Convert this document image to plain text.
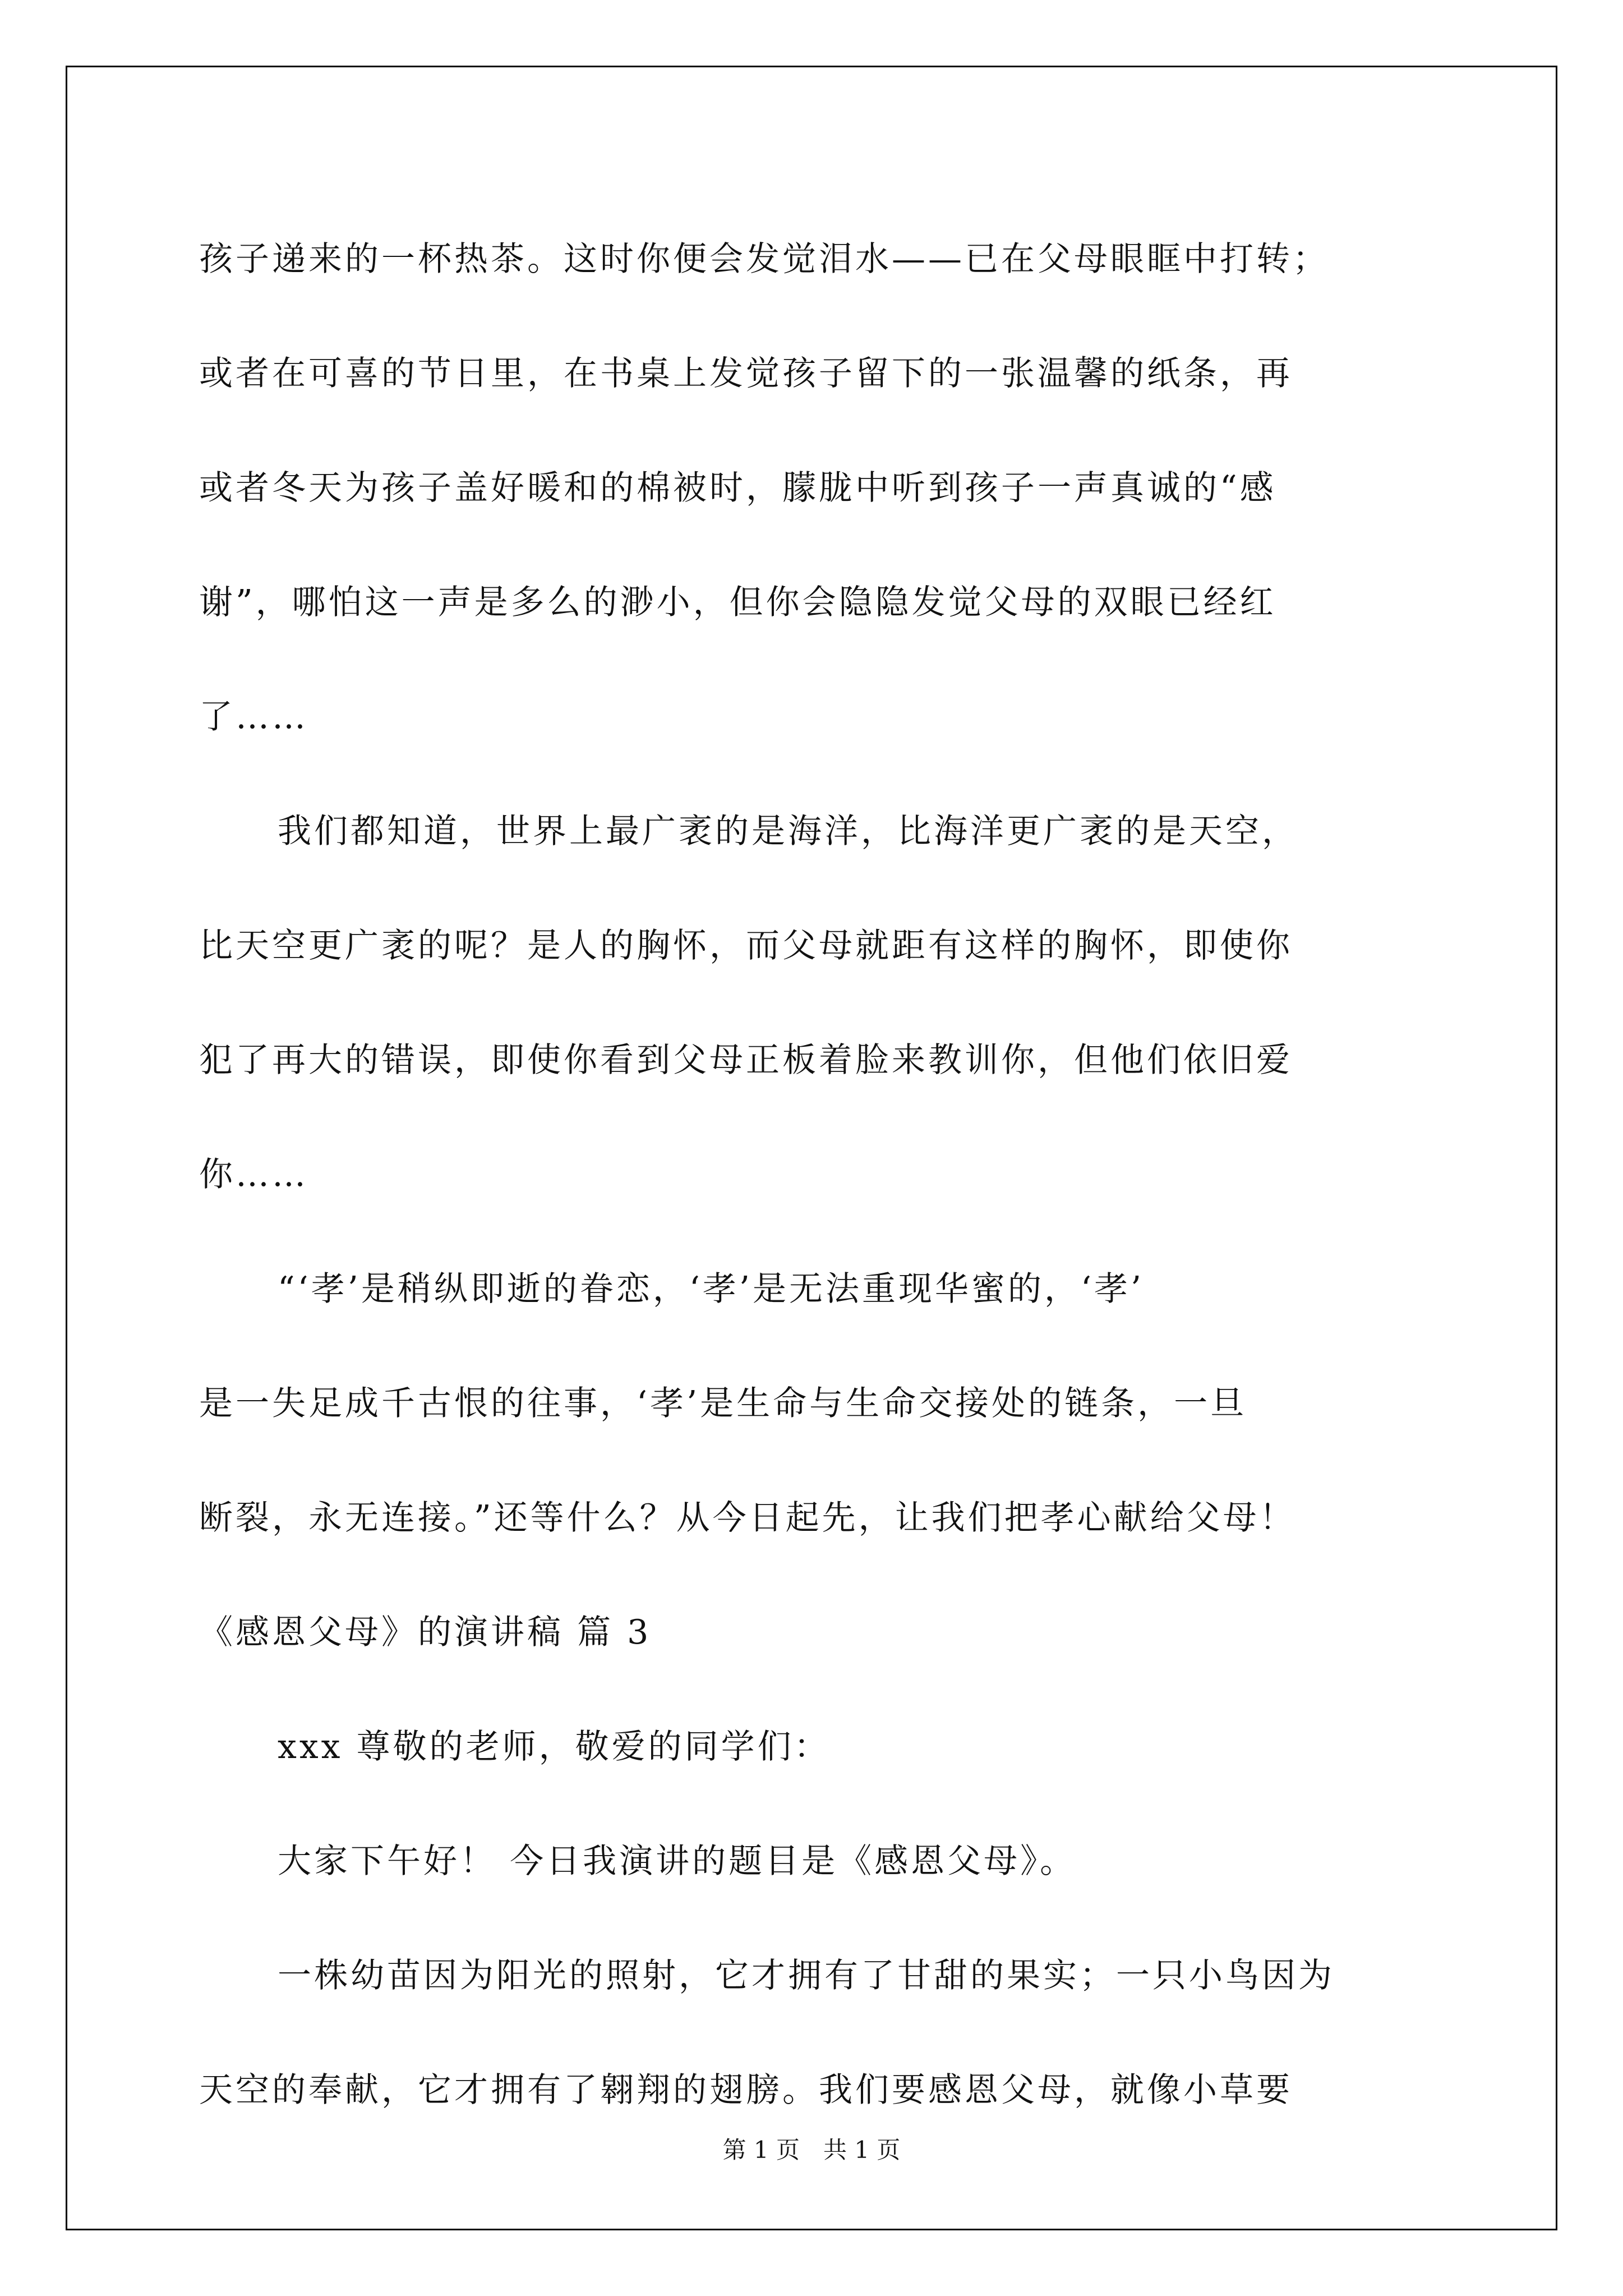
孩子递来的一杯热茶。这时你便会发觉泪水——已在父母眼眶中打转；
或者在可喜的节日里，在书桌上发觉孩子留下的一张温馨的纸条，再
或者冬天为孩子盖好暖和的棉被时，朦胧中听到孩子一声真诚的“感
谢”，哪怕这一声是多么的渺小，但你会隐隐发觉父母的双眼已经红
了……
我们都知道，世界上最广袤的是海洋，比海洋更广袤的是天空，
比天空更广袤的呢？是人的胸怀，而父母就距有这样的胸怀，即使你
犯了再大的错误，即使你看到父母正板着脸来教训你，但他们依旧爱
你……
“‘孝’是稍纵即逝的眷恋，‘孝’是无法重现华蜜的，‘孝’
是一失足成千古恨的往事，‘孝’是生命与生命交接处的链条，一旦
断裂，永无连接。”还等什么？从今日起先，让我们把孝心献给父母！
《感恩父母》的演讲稿 篇 3
xxx 尊敬的老师，敬爱的同学们：
大家下午好！ 今日我演讲的题目是《感恩父母》。
一株幼苗因为阳光的照射，它才拥有了甘甜的果实；一只小鸟因为
天空的奉献，它才拥有了翱翔的翅膀。我们要感恩父母，就像小草要
第 1 页　共 1 页
